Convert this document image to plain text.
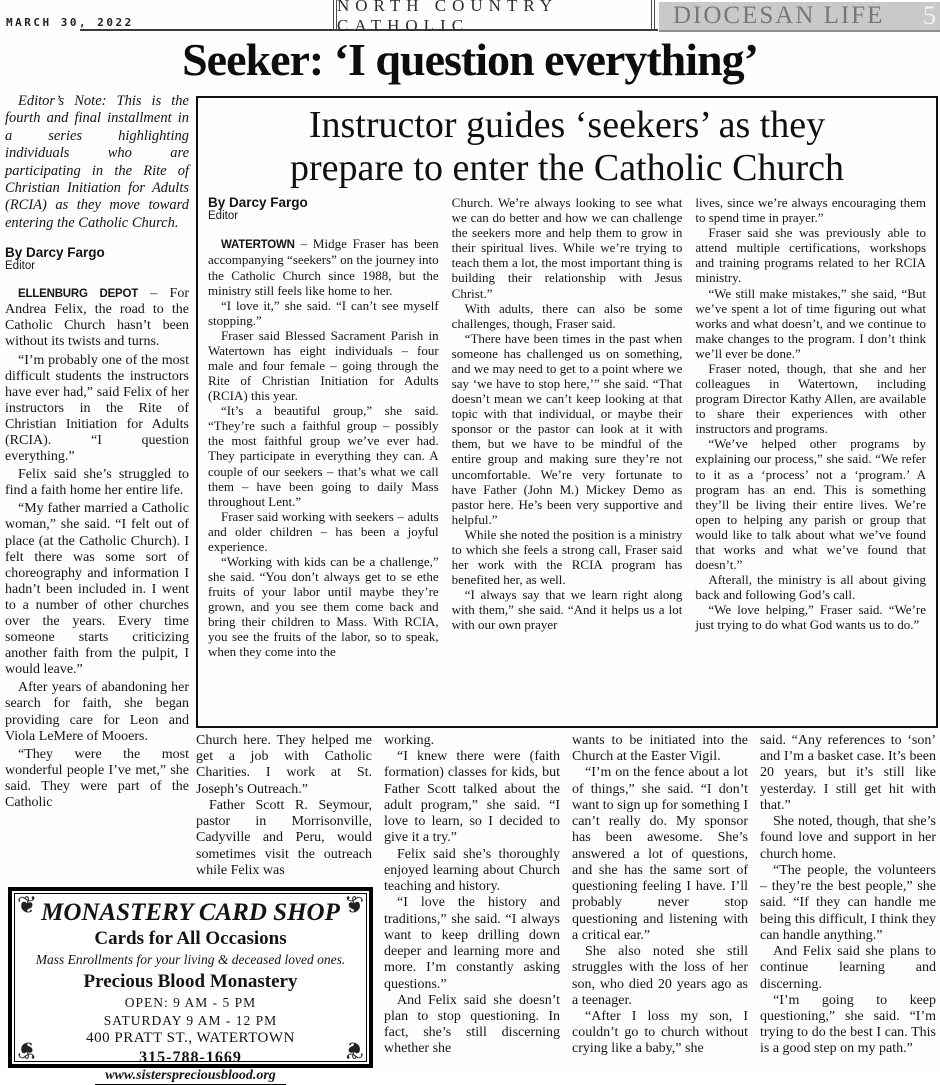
MARCH 30, 2022
NORTH COUNTRY CATHOLIC	DIOCESAN LIFE 5
Seeker: ‘I question everything’

Editor’s Note: This is the fourth and final installment in a series highlighting individuals who are participating in the Rite of Christian Initiation for Adults (RCIA) as they move toward entering the Catholic Church.

By Darcy Fargo
Editor

ELLENBURG DEPOT – For Andrea Felix, the road to the Catholic Church hasn’t been without its twists and turns.

“I’m probably one of the most difficult students the instructors have ever had,” said Felix of her instructors in the Rite of Christian Initiation for Adults (RCIA). “I question everything.”

Felix said she’s struggled to find a faith home her entire life.

“My father married a Catholic woman,” she said. “I felt out of place (at the Catholic Church). I felt there was some sort of choreography and information I hadn’t been included in. I went to a number of other churches over the years. Every time someone starts criticizing another faith from the pulpit, I would leave.”

After years of abandoning her search for faith, she began providing care for Leon and Viola LeMere of Mooers.

“They were the most wonderful people I’ve met,” she said. They were part of the Catholic

Instructor guides ‘seekers’ as they
prepare to enter the Catholic Church
By Darcy Fargo
Editor

WATERTOWN – Midge Fraser has been accompanying “seekers” on the journey into the Catholic Church since 1988, but the ministry still feels like home to her.

“I love it,” she said. “I can’t see myself stopping.”

Fraser said Blessed Sacrament Parish in Watertown has eight individuals – four male and four female – going through the Rite of Christian Initiation for Adults (RCIA) this year.

“It’s a beautiful group,” she said. “They’re such a faithful group – possibly the most faithful group we’ve ever had. They participate in everything they can. A couple of our seekers – that’s what we call them – have been going to daily Mass throughout Lent.”

Fraser said working with seekers – adults and older children – has been a joyful experience.

“Working with kids can be a challenge,” she said. “You don’t always get to se ethe fruits of your labor until maybe they’re grown, and you see them come back and bring their children to Mass. With RCIA, you see the fruits of the labor, so to speak, when they come into the

Church. We’re always looking to see what we can do better and how we can challenge the seekers more and help them to grow in their spiritual lives. While we’re trying to teach them a lot, the most important thing is building their relationship with Jesus Christ.”

With adults, there can also be some challenges, though, Fraser said.

“There have been times in the past when someone has challenged us on something, and we may need to get to a point where we say ‘we have to stop here,’” she said. “That doesn’t mean we can’t keep looking at that topic with that individual, or maybe their sponsor or the pastor can look at it with them, but we have to be mindful of the entire group and making sure they’re not uncomfortable. We’re very fortunate to have Father (John M.) Mickey Demo as pastor here. He’s been very supportive and helpful.”

While she noted the position is a ministry to which she feels a strong call, Fraser said her work with the RCIA program has benefited her, as well.

“I always say that we learn right along with them,” she said. “And it helps us a lot with our own prayer

lives, since we’re always encouraging them to spend time in prayer.”

Fraser said she was previously able to attend multiple certifications, workshops and training programs related to her RCIA ministry.

“We still make mistakes,” she said, “But we’ve spent a lot of time figuring out what works and what doesn’t, and we continue to make changes to the program. I don’t think we’ll ever be done.”

Fraser noted, though, that she and her colleagues in Watertown, including program Director Kathy Allen, are available to share their experiences with other instructors and programs.

“We’ve helped other programs by explaining our process,” she said. “We refer to it as a ‘process’ not a ‘program.’ A program has an end. This is something they’ll be living their entire lives. We’re open to helping any parish or group that would like to talk about what we’ve found that works and what we’ve found that doesn’t.”

Afterall, the ministry is all about giving back and following God’s call.

“We love helping,” Fraser said. “We’re just trying to do what God wants us to do.”

Church here. They helped me get a job with Catholic Charities. I work at St. Joseph’s Outreach.”

Father Scott R. Seymour, pastor in Morrisonville, Cadyville and Peru, would sometimes visit the outreach while Felix was

working.

“I knew there were (faith formation) classes for kids, but Father Scott talked about the adult program,” she said. “I love to learn, so I decided to give it a try.”

Felix said she’s thoroughly enjoyed learning about Church teaching and history.

“I love the history and traditions,” she said. “I always want to keep drilling down deeper and learning more and more. I’m constantly asking questions.”

And Felix said she doesn’t plan to stop questioning. In fact, she’s still discerning whether she

wants to be initiated into the Church at the Easter Vigil.

“I’m on the fence about a lot of things,” she said. “I don’t want to sign up for something I can’t really do. My sponsor has been awesome. She’s answered a lot of questions, and she has the same sort of questioning feeling I have. I’ll probably never stop questioning and listening with a critical ear.”

She also noted she still struggles with the loss of her son, who died 20 years ago as a teenager.

“After I loss my son, I couldn’t go to church without crying like a baby,” she

said. “Any references to ‘son’ and I’m a basket case. It’s been 20 years, but it’s still like yesterday. I still get hit with that.”

She noted, though, that she’s found love and support in her church home.

“The people, the volunteers – they’re the best people,” she said. “If they can handle me being this difficult, I think they can handle anything.”

And Felix said she plans to continue learning and discerning.

“I’m going to keep questioning,” she said. “I’m trying to do the best I can. This is a good step on my path.”

❦	❦
❦	❦
MONASTERY CARD SHOP
Cards for All Occasions
Mass Enrollments for your living & deceased loved ones.
Precious Blood Monastery
OPEN: 9 AM - 5 PM
SATURDAY 9 AM - 12 PM
400 PRATT ST., WATERTOWN
315-788-1669
www.sisterspreciousblood.org
